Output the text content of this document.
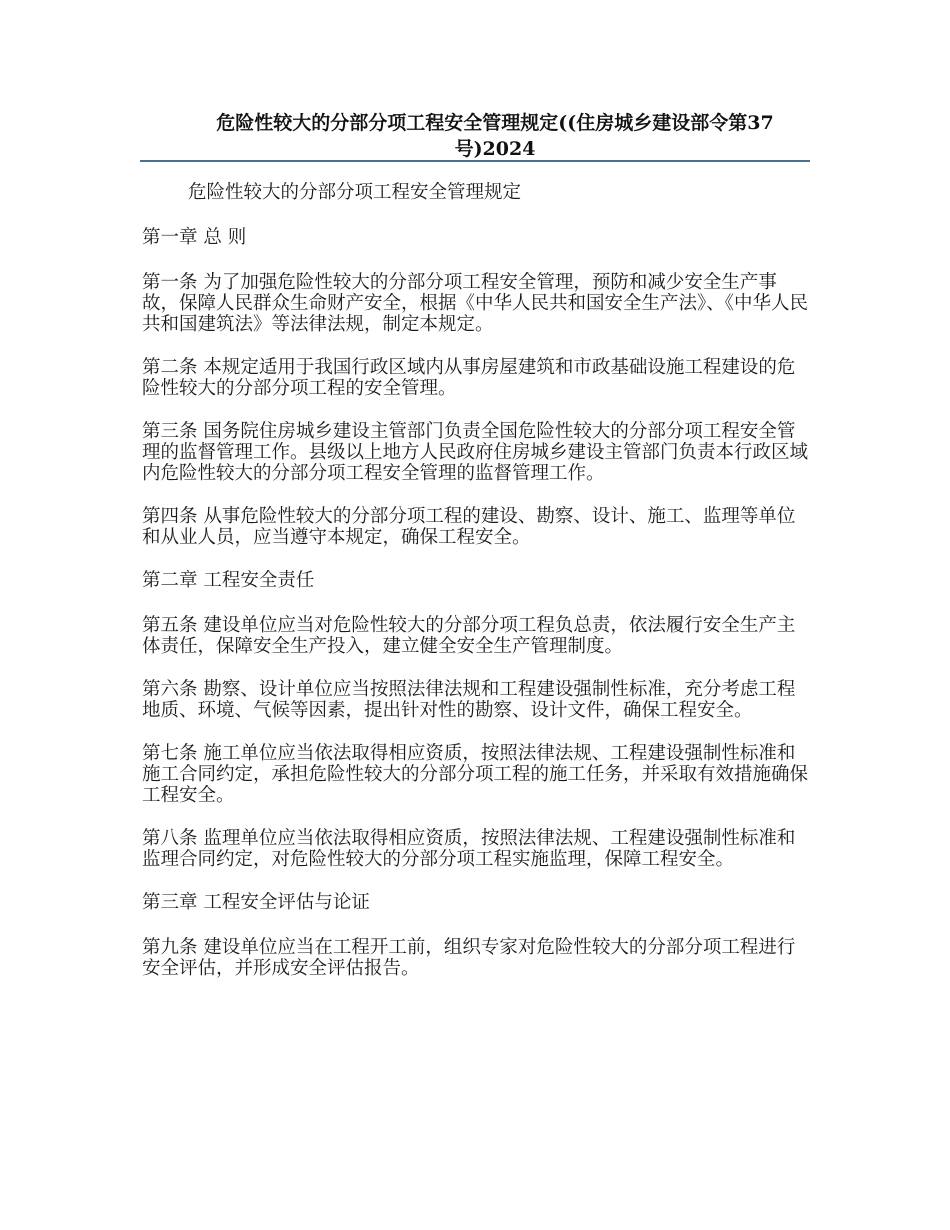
危险性较大的分部分项工程安全管理规定((住房城乡建设部令第37号)2024

危险性较大的分部分项工程安全管理规定

第一章 总 则

第一条 为了加强危险性较大的分部分项工程安全管理，预防和减少安全生产事故，保障人民群众生命财产安全，根据《中华人民共和国安全生产法》、《中华人民共和国建筑法》等法律法规，制定本规定。

第二条 本规定适用于我国行政区域内从事房屋建筑和市政基础设施工程建设的危险性较大的分部分项工程的安全管理。

第三条 国务院住房城乡建设主管部门负责全国危险性较大的分部分项工程安全管理的监督管理工作。县级以上地方人民政府住房城乡建设主管部门负责本行政区域内危险性较大的分部分项工程安全管理的监督管理工作。

第四条 从事危险性较大的分部分项工程的建设、勘察、设计、施工、监理等单位和从业人员，应当遵守本规定，确保工程安全。

第二章 工程安全责任

第五条 建设单位应当对危险性较大的分部分项工程负总责，依法履行安全生产主体责任，保障安全生产投入，建立健全安全生产管理制度。

第六条 勘察、设计单位应当按照法律法规和工程建设强制性标准，充分考虑工程地质、环境、气候等因素，提出针对性的勘察、设计文件，确保工程安全。

第七条 施工单位应当依法取得相应资质，按照法律法规、工程建设强制性标准和施工合同约定，承担危险性较大的分部分项工程的施工任务，并采取有效措施确保工程安全。

第八条 监理单位应当依法取得相应资质，按照法律法规、工程建设强制性标准和监理合同约定，对危险性较大的分部分项工程实施监理，保障工程安全。

第三章 工程安全评估与论证

第九条 建设单位应当在工程开工前，组织专家对危险性较大的分部分项工程进行安全评估，并形成安全评估报告。
